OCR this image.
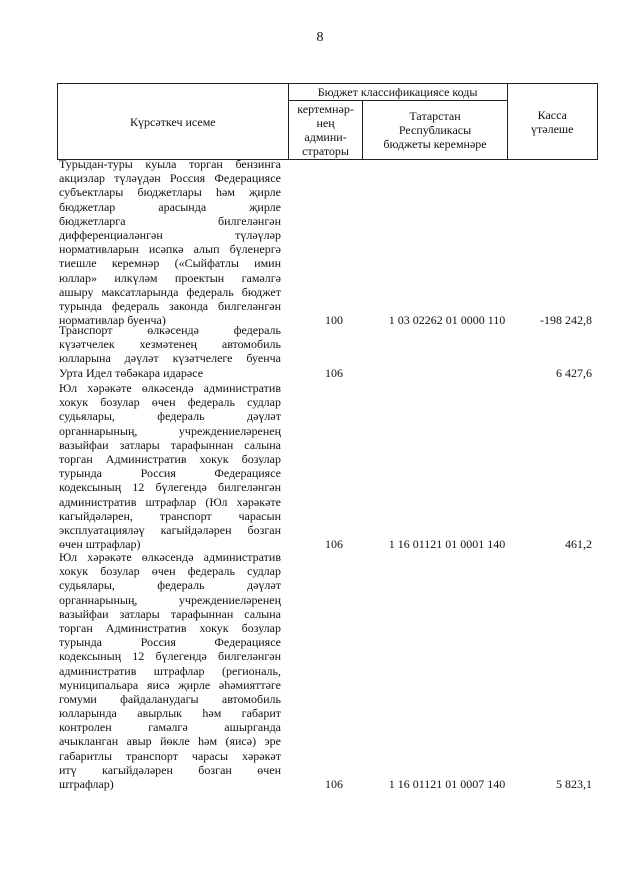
8
Күрсәткеч исеме	Бюджет классификациясе коды		Касса
үтәлеше
	кертемнәр-
нең
админи-
страторы	Татарстан
Республикасы
бюджеты керемнәре	
Турыдан-туры куыла торган бензинга
акцизлар түләүдән Россия Федерациясе
субъектлары бюджетлары һәм җирле
бюджетлар арасында җирле
бюджетларга билгеләнгән
дифференциаләнгән түләүләр
нормативларын исәпкә алып бүленергә
тиешле керемнәр («Сыйфатлы имин
юллар» илкүләм проектын гамәлгә
ашыру максатларында федераль бюджет
турында федераль законда билгеләнгән
нормативлар буенча)	100	1 03 02262 01 0000 110	-198 242,8
Транспорт өлкәсендә федераль
күзәтчелек хезмәтенең автомобиль
юлларына дәүләт күзәтчелеге буенча
Урта Идел төбәкара идарәсе	106	6 427,6
Юл хәрәкәте өлкәсендә административ
хокук бозулар өчен федераль судлар
судьялары, федераль дәүләт
органнарының, учреждениеләренең
вазыйфаи затлары тарафыннан салына
торган Административ хокук бозулар
турында Россия Федерациясе
кодексының 12 бүлегендә билгеләнгән
административ штрафлар (Юл хәрәкәте
кагыйдәләрен, транспорт чарасын
эксплуатацияләү кагыйдәләрен бозган
өчен штрафлар)	106	1 16 01121 01 0001 140	461,2
Юл хәрәкәте өлкәсендә административ
хокук бозулар өчен федераль судлар
судьялары, федераль дәүләт
органнарының, учреждениеләренең
вазыйфаи затлары тарафыннан салына
торган Административ хокук бозулар
турында Россия Федерациясе
кодексының 12 бүлегендә билгеләнгән
административ штрафлар (региональ,
муниципальара яисә җирле әһәмияттәге
гомуми файдаланудагы автомобиль
юлларында авырлык һәм габарит
контролен гамәлгә ашырганда
ачыкланган авыр йөкле һәм (яисә) эре
габаритлы транспорт чарасы хәрәкәт
итү кагыйдәләрен бозган өчен
штрафлар)	106	1 16 01121 01 0007 140	5 823,1
